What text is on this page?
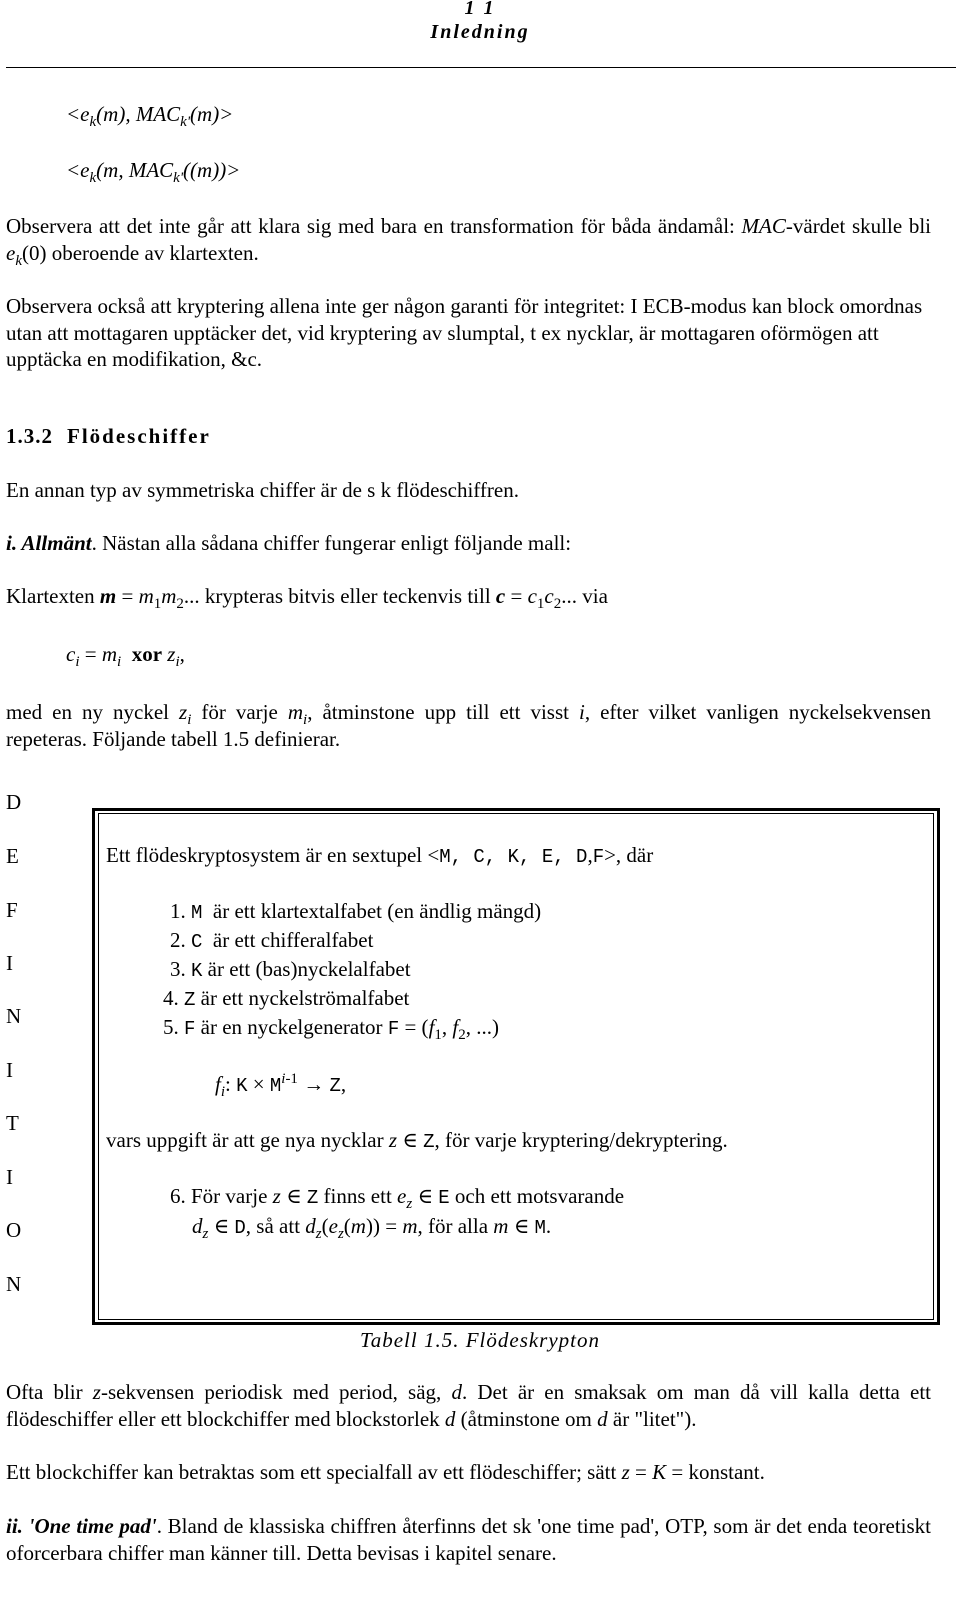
1 1
Inledning
$<e_k(m)$, $MAC_{k'}(m)>$
$<e_k(m$, $MAC_{k'}((m))>$
Observera att det inte går att klara sig med bara en transformation för båda ändamål: MAC-värdet skulle bli $e_k(0)$ oberoende av klartexten.
Observera också att kryptering allena inte ger någon garanti för integritet: I ECB-modus kan block omordnas utan att mottagaren upptäcker det, vid kryptering av slumptal, t ex nycklar, är mottagaren oförmögen att upptäcka en modifikation, &c.
1.3.2 Flödeschiffer
En annan typ av symmetriska chiffer är de s k flödeschiffren.
i. Allmänt. Nästan alla sådana chiffer fungerar enligt följande mall:
Klartexten $m = m_1m_2$... krypteras bitvis eller teckenvis till $c = c_1c_2$... via
$c_i = m_i$ xor $z_i$,
med en ny nyckel $z_i$ för varje $m_i$, åtminstone upp till ett visst i, efter vilket vanligen nyckelsekvensen repeteras. Följande tabell 1.5 definierar.
D
E
F
I
N
I
T
I
O
N
Ett flödeskryptosystem är en sextupel <M, C, K, E, D,F>, där
1. M är ett klartextalfabet (en ändlig mängd)
2. C är ett chifferalfabet
3. K är ett (bas)nyckelalfabet
4. Z är ett nyckelströmalfabet
5. F är en nyckelgenerator $F = (f_1$, $f_2$, ...)
$f_i$: $K \times M^{i-1} \to Z$,
vars uppgift är att ge nya nycklar z ∈ Z, för varje kryptering/dekryptering.
6. För varje z ∈ Z finns ett $e_z$ ∈ E och ett motsvarande
$d_z$ ∈ D, så att $d_z(e_z(m)) = m$, för alla m ∈ M.
Tabell 1.5. Flödeskrypton
Ofta blir z-sekvensen periodisk med period, säg, d. Det är en smaksak om man då vill kalla detta ett flödeschiffer eller ett blockchiffer med blockstorlek d (åtminstone om d är "litet").
Ett blockchiffer kan betraktas som ett specialfall av ett flödeschiffer; sätt z = K = konstant.
ii. 'One time pad'. Bland de klassiska chiffren återfinns det sk 'one time pad', OTP, som är det enda teoretiskt oforcerbara chiffer man känner till. Detta bevisas i kapitel senare.
